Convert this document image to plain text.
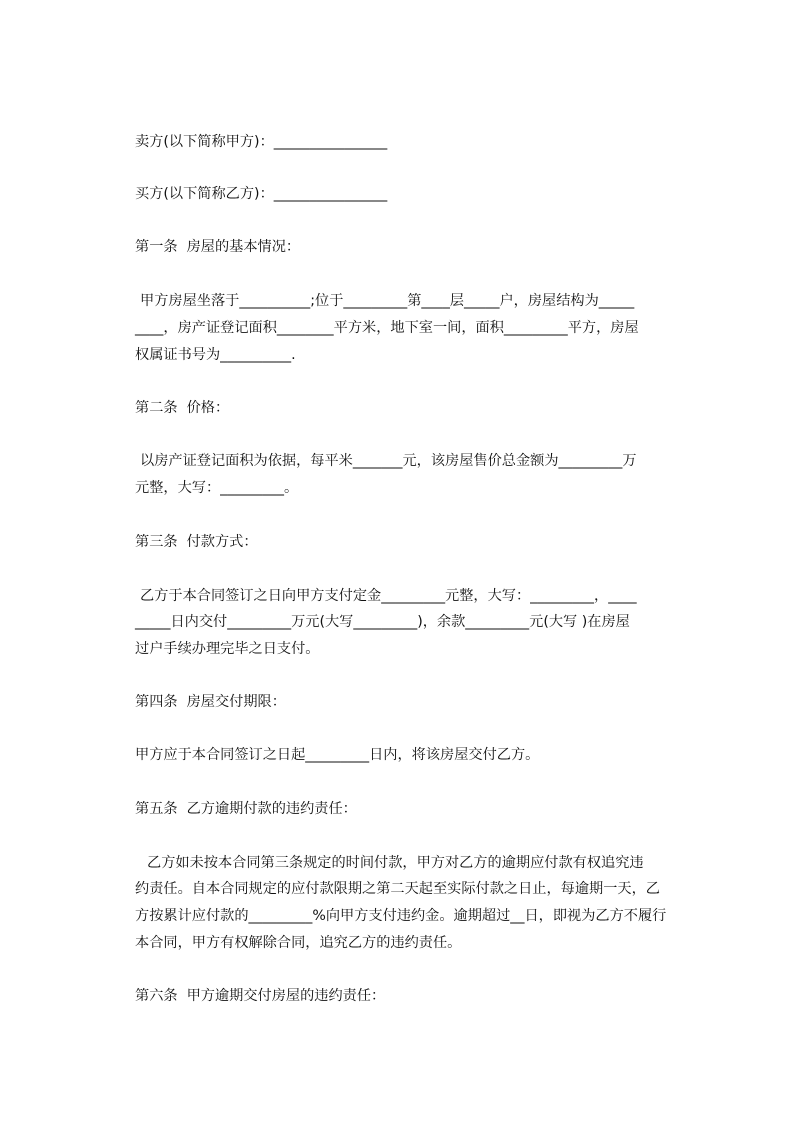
卖方(以下简称甲方)：________________
买方(以下简称乙方)：________________
第一条  房屋的基本情况：
甲方房屋坐落于__________;位于_________第____层_____户，房屋结构为_____
____，房产证登记面积________平方米，地下室一间，面积_________平方，房屋
权属证书号为__________.
第二条  价格：
以房产证登记面积为依据，每平米_______元，该房屋售价总金额为_________万
元整，大写：_________。
第三条  付款方式：
乙方于本合同签订之日向甲方支付定金_________元整，大写：_________，____
_____日内交付_________万元(大写_________)，余款_________元(大写 )在房屋
过户手续办理完毕之日支付。
第四条  房屋交付期限：
甲方应于本合同签订之日起_________日内，将该房屋交付乙方。
第五条  乙方逾期付款的违约责任：
乙方如未按本合同第三条规定的时间付款，甲方对乙方的逾期应付款有权追究违
约责任。自本合同规定的应付款限期之第二天起至实际付款之日止，每逾期一天，乙
方按累计应付款的_________%向甲方支付违约金。逾期超过__日，即视为乙方不履行
本合同，甲方有权解除合同，追究乙方的违约责任。
第六条  甲方逾期交付房屋的违约责任：
